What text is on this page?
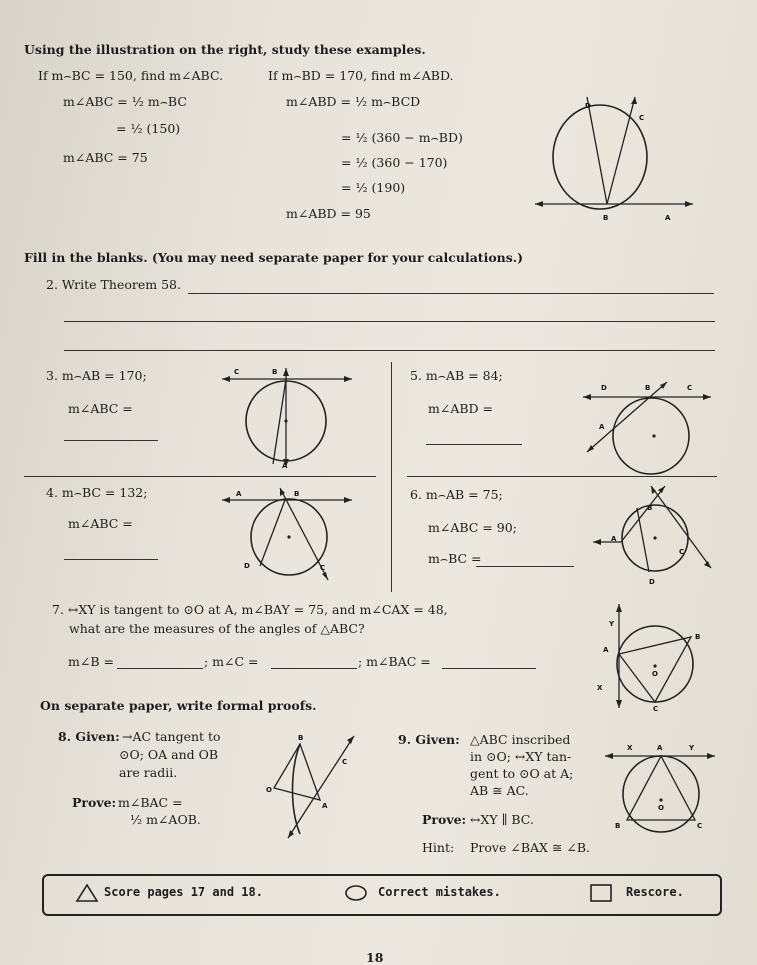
Using the illustration on the right, study these examples.
If m⌢BC = 150, find m∠ABC.
m∠ABC = ½ m⌢BC
= ½ (150)
m∠ABC = 75
If m⌢BD = 170, find m∠ABD.
m∠ABD = ½ m⌢BCD
= ½ (360 − m⌢BD)
= ½ (360 − 170)
= ½ (190)
m∠ABD = 95
D
C
B	A
Fill in the blanks. (You may need separate paper for your calculations.)
2. Write Theorem 58.
3. m⌢AB = 170;
m∠ABC =
C	B
A
4. m⌢BC = 132;
m∠ABC =
A	B
D	C
5. m⌢AB = 84;
m∠ABD =
D	B	C
A
6. m⌢AB = 75;
m∠ABC = 90;
m⌢BC =
B
A
C
D
7. ↔XY is tangent to ⊙O at A, m∠BAY = 75, and m∠CAX = 48,
what are the measures of the angles of △ABC?
m∠B =	; m∠C =	; m∠BAC =
Y
B
A
O
X
C
On separate paper, write formal proofs.
8. Given: →AC tangent to
⊙O; OA and OB
are radii.
Prove: m∠BAC =
½ m∠AOB.
B
O
C
A
9. Given: △ABC inscribed
in ⊙O; ↔XY tan-
gent to ⊙O at A;
AB ≅ AC.
Prove: ↔XY ∥ BC.
Hint: Prove ∠BAX ≅ ∠B.
X	A	Y
O
B	C
Score pages 17 and 18.	Correct mistakes.	Rescore.
18
